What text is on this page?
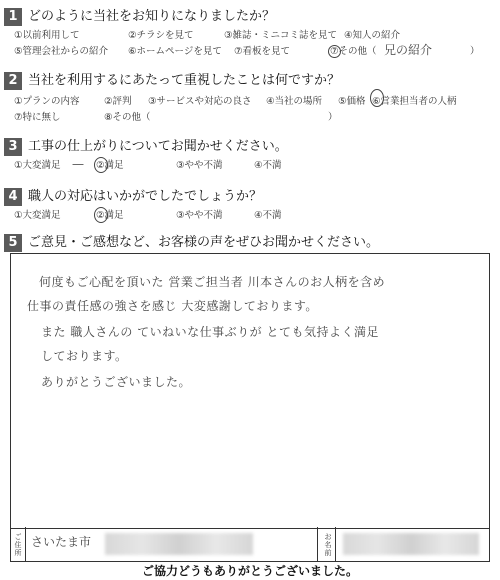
1 どのように当社をお知りになりましたか？
①以前利用して	②チラシを見て	③雑誌・ミニコミ誌を見て ④知人の紹介
⑤管理会社からの紹介 ⑥ホームページを見て ⑦看板を見て	⑦その他（ 兄の紹介	）
2 当社を利用するにあたって重視したことは何ですか？
①プランの内容	②評判 ③サービスや対応の良さ ④当社の場所 ⑤価格 ⑥営業担当者の人柄
⑦特に無し	⑧その他（	）
3 工事の仕上がりについてお聞かせください。
①大変満足 — ②満足	③やや不満	④不満
4 職人の対応はいかがでしたでしょうか？
①大変満足	②満足	③やや不満	④不満
5 ご意見・ご感想など、お客様の声をぜひお聞かせください。
何度もご心配を頂いた 営業ご担当者 川本さんのお人柄を含め
仕事の責任感の強さを感じ 大変感謝しております。
また 職人さんの ていねいな仕事ぶりが とても気持よく満足
しております。
ありがとうございました。
ご住所
さいたま市	お名前
ご協力どうもありがとうございました。
